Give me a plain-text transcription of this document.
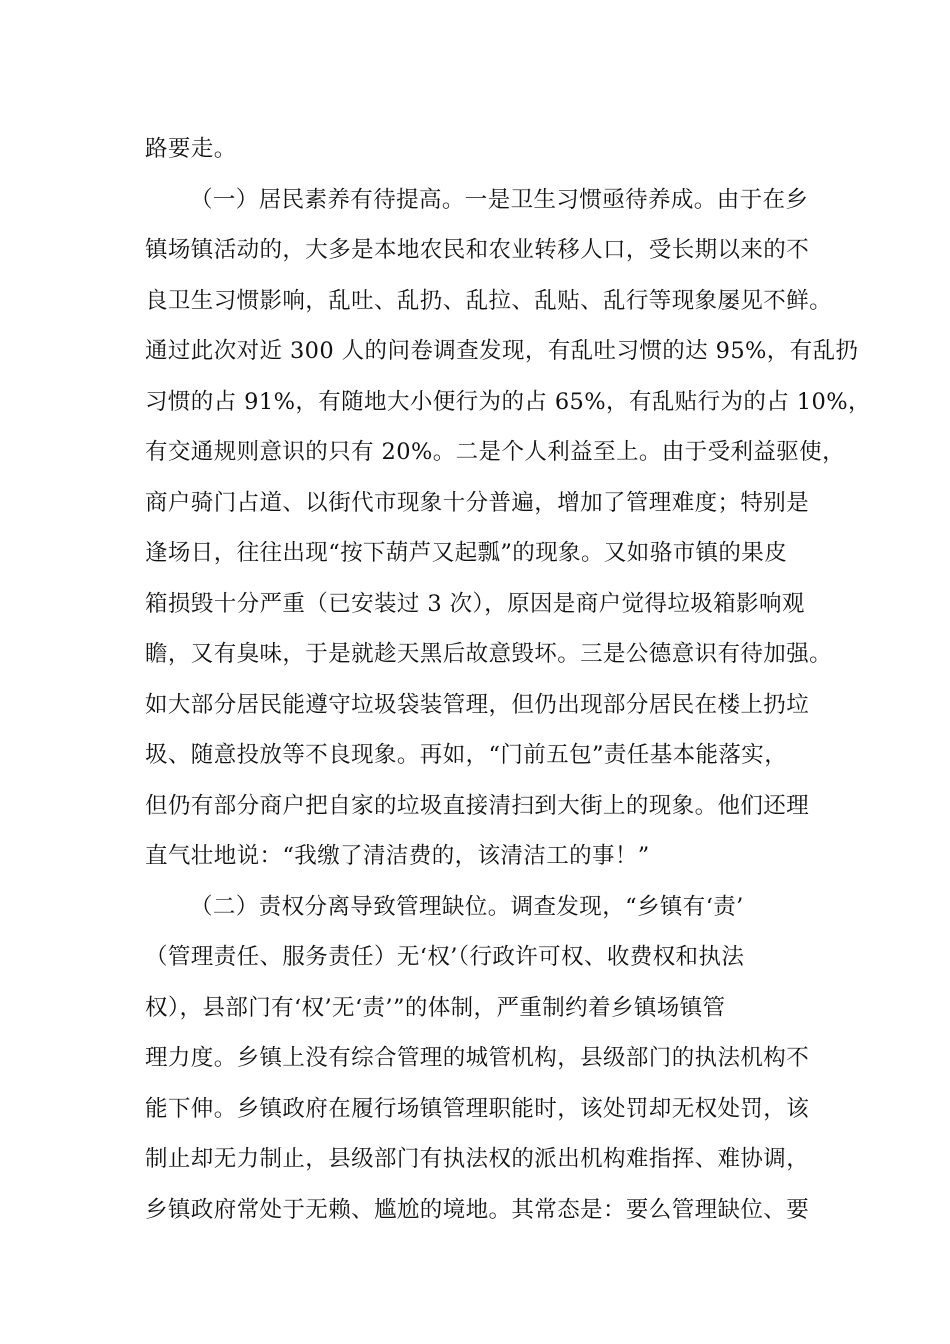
路要走。

（一）居民素养有待提高。一是卫生习惯亟待养成。由于在乡

镇场镇活动的，大多是本地农民和农业转移人口，受长期以来的不

良卫生习惯影响，乱吐、乱扔、乱拉、乱贴、乱行等现象屡见不鲜。

通过此次对近 300 人的问卷调查发现，有乱吐习惯的达 95%，有乱扔

习惯的占 91%，有随地大小便行为的占 65%，有乱贴行为的占 10%，

有交通规则意识的只有 20%。二是个人利益至上。由于受利益驱使，

商户骑门占道、以街代市现象十分普遍，增加了管理难度；特别是

逢场日，往往出现“按下葫芦又起瓢”的现象。又如骆市镇的果皮

箱损毁十分严重（已安装过 3 次），原因是商户觉得垃圾箱影响观

瞻，又有臭味，于是就趁天黑后故意毁坏。三是公德意识有待加强。

如大部分居民能遵守垃圾袋装管理，但仍出现部分居民在楼上扔垃

圾、随意投放等不良现象。再如，“门前五包”责任基本能落实，

但仍有部分商户把自家的垃圾直接清扫到大街上的现象。他们还理

直气壮地说：“我缴了清洁费的，该清洁工的事！”

（二）责权分离导致管理缺位。调查发现，“乡镇有‘责’

（管理责任、服务责任）无‘权’（行政许可权、收费权和执法

权），县部门有‘权’无‘责’”的体制，严重制约着乡镇场镇管

理力度。乡镇上没有综合管理的城管机构，县级部门的执法机构不

能下伸。乡镇政府在履行场镇管理职能时，该处罚却无权处罚，该

制止却无力制止，县级部门有执法权的派出机构难指挥、难协调，

乡镇政府常处于无赖、尴尬的境地。其常态是：要么管理缺位、要
